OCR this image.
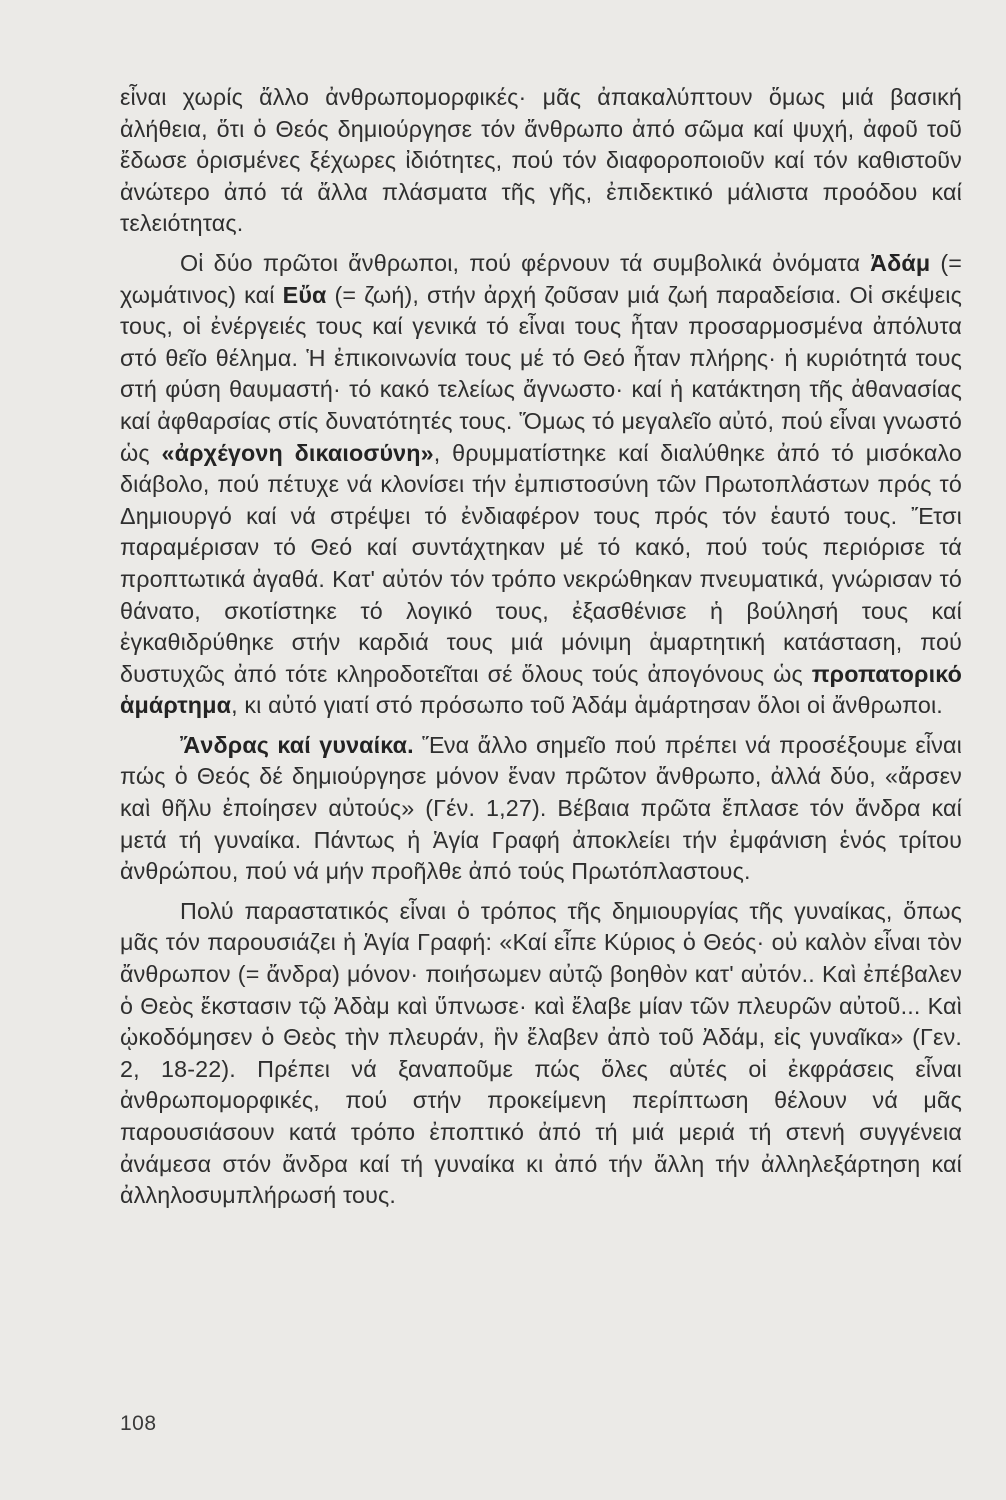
εἶναι χωρίς ἄλλο ἀνθρωπομορφικές· μᾶς ἀπακαλύπτουν ὅμως μιά βασική ἀλήθεια, ὅτι ὁ Θεός δημιούργησε τόν ἄνθρωπο ἀπό σῶμα καί ψυχή, ἀφοῦ τοῦ ἔδωσε ὁρισμένες ξέχωρες ἰδιότητες, πού τόν διαφοροποιοῦν καί τόν καθιστοῦν ἀνώτερο ἀπό τά ἄλλα πλάσματα τῆς γῆς, ἐπιδεκτικό μάλιστα προόδου καί τελειότητας.

Οἱ δύο πρῶτοι ἄνθρωποι, πού φέρνουν τά συμβολικά ὀνόματα Ἀδάμ (= χωμάτινος) καί Εὔα (= ζωή), στήν ἀρχή ζοῦσαν μιά ζωή παραδείσια. Οἱ σκέψεις τους, οἱ ἐνέργειές τους καί γενικά τό εἶναι τους ἦταν προσαρμοσμένα ἀπόλυτα στό θεῖο θέλημα. Ἡ ἐπικοινωνία τους μέ τό Θεό ἦταν πλήρης· ἡ κυριότητά τους στή φύση θαυμαστή· τό κακό τελείως ἄγνωστο· καί ἡ κατάκτηση τῆς ἀθανασίας καί ἀφθαρσίας στίς δυνατότητές τους. Ὅμως τό μεγαλεῖο αὐτό, πού εἶναι γνωστό ὡς «ἀρχέγονη δικαιοσύνη», θρυμματίστηκε καί διαλύθηκε ἀπό τό μισόκαλο διάβολο, πού πέτυχε νά κλονίσει τήν ἐμπιστοσύνη τῶν Πρωτοπλάστων πρός τό Δημιουργό καί νά στρέψει τό ἐνδιαφέρον τους πρός τόν ἑαυτό τους. Ἔτσι παραμέρισαν τό Θεό καί συντάχτηκαν μέ τό κακό, πού τούς περιόρισε τά προπτωτικά ἀγαθά. Κατ' αὐτόν τόν τρόπο νεκρώθηκαν πνευματικά, γνώρισαν τό θάνατο, σκοτίστηκε τό λογικό τους, ἐξασθένισε ἡ βούλησή τους καί ἐγκαθιδρύθηκε στήν καρδιά τους μιά μόνιμη ἁμαρτητική κατάσταση, πού δυστυχῶς ἀπό τότε κληροδοτεῖται σέ ὅλους τούς ἀπογόνους ὡς προπατορικό ἁμάρτημα, κι αὐτό γιατί στό πρόσωπο τοῦ Ἀδάμ ἁμάρτησαν ὅλοι οἱ ἄνθρωποι.

Ἄνδρας καί γυναίκα. Ἕνα ἄλλο σημεῖο πού πρέπει νά προσέξουμε εἶναι πώς ὁ Θεός δέ δημιούργησε μόνον ἕναν πρῶτον ἄνθρωπο, ἀλλά δύο, «ἄρσεν καὶ θῆλυ ἐποίησεν αὐτούς» (Γέν. 1,27). Βέβαια πρῶτα ἔπλασε τόν ἄνδρα καί μετά τή γυναίκα. Πάντως ἡ Ἁγία Γραφή ἀποκλείει τήν ἐμφάνιση ἑνός τρίτου ἀνθρώπου, πού νά μήν προῆλθε ἀπό τούς Πρωτόπλαστους.

Πολύ παραστατικός εἶναι ὁ τρόπος τῆς δημιουργίας τῆς γυναίκας, ὅπως μᾶς τόν παρουσιάζει ἡ Ἁγία Γραφή: «Καί εἶπε Κύριος ὁ Θεός· οὐ καλὸν εἶναι τὸν ἄνθρωπον (= ἄνδρα) μόνον· ποιήσωμεν αὐτῷ βοηθὸν κατ' αὐτόν.. Καὶ ἐπέβαλεν ὁ Θεὸς ἔκστασιν τῷ Ἀδὰμ καὶ ὕπνωσε· καὶ ἔλαβε μίαν τῶν πλευρῶν αὐτοῦ... Καὶ ᾠκοδόμησεν ὁ Θεὸς τὴν πλευράν, ἣν ἔλαβεν ἀπὸ τοῦ Ἀδάμ, εἰς γυναῖκα» (Γεν. 2, 18-22). Πρέπει νά ξαναποῦμε πώς ὅλες αὐτές οἱ ἐκφράσεις εἶναι ἀνθρωπομορφικές, πού στήν προκείμενη περίπτωση θέλουν νά μᾶς παρουσιάσουν κατά τρόπο ἐποπτικό ἀπό τή μιά μεριά τή στενή συγγένεια ἀνάμεσα στόν ἄνδρα καί τή γυναίκα κι ἀπό τήν ἄλλη τήν ἀλληλεξάρτηση καί ἀλληλοσυμπλήρωσή τους.

108
